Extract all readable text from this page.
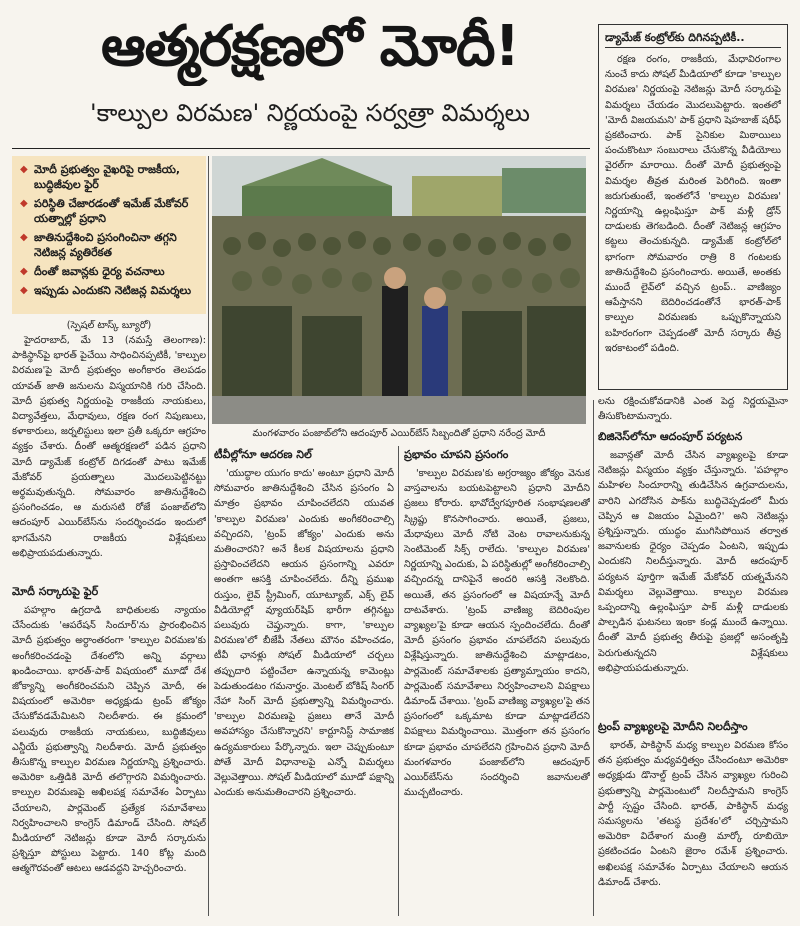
ఆత్మరక్షణలో మోదీ!
'కాల్పుల విరమణ' నిర్ణయంపై సర్వత్రా విమర్శలు
◆ మోదీ ప్రభుత్వం వైఖరిపై రాజకీయ, బుద్ధిజీవుల ఫైర్
◆ పరిస్థితి చేజారడంతో ఇమేజ్ మేకోవర్ యత్నాల్లో ప్రధాని
◆ జాతినుద్దేశించి ప్రసంగించినా తగ్గని నెటిజన్ల వ్యతిరేకత
◆ దీంతో జవాన్లకు ధైర్య వచనాలు
◆ ఇప్పుడు ఎందుకని నెటిజన్ల విమర్శలు
మంగళవారం పంజాబ్‌లోని ఆదంపూర్ ఎయిర్‌బేస్ సిబ్బందితో ప్రధాని నరేంద్ర మోదీ
(స్పెషల్ టాస్క్ బ్యూరో)

హైదరాబాద్, మే 13 (నమస్తే తెలంగాణ): పాకిస్థాన్‌పై భారత్ పైచేయి సాధించినప్పటికీ, 'కాల్పుల విరమణ'పై మోదీ ప్రభుత్వం అంగీకారం తెలపడం యావత్ జాతి జనులను విస్మయానికి గురి చేసింది. మోదీ ప్రభుత్వ నిర్ణయంపై రాజకీయ నాయకులు, విద్యావేత్తలు, మేధావులు, రక్షణ రంగ నిపుణులు, కళాకారులు, జర్నలిస్టులు ఇలా ప్రతీ ఒక్కరూ ఆగ్రహం వ్యక్తం చేశారు. దీంతో ఆత్మరక్షణలో పడిన ప్రధాని మోదీ డ్యామేజ్ కంట్రోల్ దిగడంతో పాటు ఇమేజ్ మేకోవర్ ప్రయత్నాలు మొదలుపెట్టినట్టు అర్థమవుతున్నది. సోమవారం జాతినుద్దేశించి ప్రసంగించడం, ఆ మరుసటి రోజే పంజాబ్‌లోని ఆదంపూర్ ఎయిర్‌బేస్‌ను సందర్శించడం ఇందులో భాగమేనని రాజకీయ విశ్లేషకులు అభిప్రాయపడుతున్నారు.

మోదీ సర్కారుపై ఫైర్

పహల్గాం ఉగ్రదాడి బాధితులకు న్యాయం చేసేందుకు 'ఆపరేషన్ సిందూర్'ను ప్రారంభించిన మోదీ ప్రభుత్వం అర్ధాంతరంగా 'కాల్పుల విరమణ'కు అంగీకరించడంపై దేశంలోని అన్ని వర్గాలు ఖండించాయి. భారత్-పాక్ విషయంలో మూడో దేశ జోక్యాన్ని అంగీకరించమని చెప్పిన మోదీ, ఈ విషయంలో అమెరికా అధ్యక్షుడు ట్రంప్ జోక్యం చేసుకోవడమేమిటని నిలదీశారు. ఈ క్రమంలో పలువురు రాజకీయ నాయకులు, బుద్ధిజీవులు ఎన్డీయే ప్రభుత్వాన్ని నిలదీశారు. మోదీ ప్రభుత్వం తీసుకొన్న కాల్పుల విరమణ నిర్ణయాన్ని ప్రశ్నించారు. అమెరికా ఒత్తిడికి మోదీ తలొగ్గారని విమర్శించారు. కాల్పుల విరమణపై అఖిలపక్ష సమావేశం ఏర్పాటు చేయాలని, పార్లమెంట్ ప్రత్యేక సమావేశాలు నిర్వహించాలని కాంగ్రెస్ డిమాండ్ చేసింది. సోషల్ మీడియాలో నెటిజన్లు కూడా మోదీ సర్కారును ప్రశ్నిస్తూ పోస్టులు పెట్టారు. 140 కోట్ల మంది ఆత్మగౌరవంతో ఆటలు ఆడవద్దని హెచ్చరించారు.

టీవీల్లోనూ ఆదరణ నిల్

'యుద్ధాల యుగం కాదు' అంటూ ప్రధాని మోదీ సోమవారం జాతినుద్దేశించి చేసిన ప్రసంగం ఏ మాత్రం ప్రభావం చూపించలేదని యువత 'కాల్పుల విరమణ' ఎందుకు అంగీకరించాల్సి వచ్చిందని, 'ట్రంప్ జోక్యం' ఎందుకు అను మతించారని? అనే కీలక విషయాలను ప్రధాని ప్రస్తావించలేదని ఆయన ప్రసంగాన్ని ఎవరూ అంతగా ఆసక్తి చూపించలేదు. దీన్ని ప్రముఖ రుస్తుం, లైవ్ స్ట్రీమింగ్, యూట్యూబ్, ఎక్స్ లైవ్ వీడియోల్లో వ్యూయర్‌షిప్ భారీగా తగ్గినట్టు పలువురు చెప్తున్నారు. కాగా, 'కాల్పుల విరమణ'లో బీజేపీ నేతలు మౌనం వహించడం, టీవీ ఛానళ్లు సోషల్ మీడియాలో చర్చలు తప్పుదారి పట్టించేలా ఉన్నాయన్న కామెంట్లు పెడుతుండటం గమనార్హం. మెంటల్ బోకిష్ సింగర్ నేహా సింగ్ మోదీ ప్రభుత్వాన్ని విమర్శించారు. 'కాల్పుల విరమణపై ప్రజలు తానే మోదీ అవహాస్యం చేసుకొన్నారని' కార్టూనిస్ట్ సామాజిక ఉద్యమకారులు పేర్కొన్నారు. ఇలా చెప్పుకుంటూ పోతే మోదీ విధానాలపై ఎన్నో విమర్శలు వెల్లువెత్తాయి. సోషల్ మీడియాలో మూడో పక్షాన్ని ఎందుకు అనుమతించారని ప్రశ్నించారు.

ప్రభావం చూపని ప్రసంగం

'కాల్పుల విరమణ'కు అగ్రరాజ్యం జోక్యం వెనుక వాస్తవాలను బయటపెట్టాలని ప్రధాని మోదీని ప్రజలు కోరారు. భావోద్వేగపూరిత సంభాషణలతో స్క్రిప్టు కొనసాగించారు. అయితే, ప్రజలు, మేధావులు మోదీ నోటి వెంట రావాలనుకున్న సెంటిమెంట్ సిక్స్ రాలేదు. 'కాల్పుల విరమణ' నిర్ణయాన్ని ఎందుకు, ఏ పరిస్థితుల్లో అంగీకరించాల్సి వచ్చిందన్న దానిపైనే అందరి ఆసక్తి నెలకొంది. అయితే, తన ప్రసంగంలో ఆ విషయాన్నే మోదీ దాటవేశారు. 'ట్రంప్ వాణిజ్య బెదిరింపుల వ్యాఖ్యల'పై కూడా ఆయన స్పందించలేదు. దీంతో మోదీ ప్రసంగం ప్రభావం చూపలేదని పలువురు విశ్లేషిస్తున్నారు. జాతినుద్దేశించి మాట్లాడటం, పార్లమెంట్ సమావేశాలకు ప్రత్యామ్నాయం కాదని, పార్లమెంట్ సమావేశాలు నిర్వహించాలని విపక్షాలు డిమాండ్ చేశాయి. 'ట్రంప్ వాణిజ్య వ్యాఖ్యల'పై తన ప్రసంగంలో ఒక్కమాట కూడా మాట్లాడలేదని విపక్షాలు విమర్శించాయి. మొత్తంగా తన ప్రసంగం కూడా ప్రభావం చూపలేదని గ్రహించిన ప్రధాని మోదీ మంగళవారం పంజాబ్‌లోని ఆదంపూర్ ఎయిర్‌బేస్‌ను సందర్శించి జవానులతో ముచ్చటించారు.

డ్యామేజ్ కంట్రోల్‌కు దిగినప్పటికీ..

రక్షణ రంగం, రాజకీయ, మేధావిరంగాల నుంచే కాదు సోషల్ మీడియాలో కూడా 'కాల్పుల విరమణ' నిర్ణయంపై నెటిజన్లు మోదీ సర్కారుపై విమర్శలు చేయడం మొదలుపెట్టారు. ఇంతలో 'మోదీ విజయమని' పాక్ ప్రధాని షెహబాజ్ షరీఫ్ ప్రకటించారు. పాక్ సైనికుల మిఠాయిలు పంచుకొంటూ సంబురాలు చేసుకొన్న వీడియోలు వైరల్‌గా మారాయి. దీంతో మోదీ ప్రభుత్వంపై విమర్శల తీవ్రత మరింత పెరిగింది. ఇంతా జరుగుతుంటే, ఇంతలోనే 'కాల్పుల విరమణ' నిర్ణయాన్ని ఉల్లంఘిస్తూ పాక్ మళ్లీ డ్రోన్ దాడులకు తెగబడింది. దీంతో నెటిజన్ల ఆగ్రహం కట్టలు తెంచుకున్నది. డ్యామేజ్ కంట్రోల్‌లో భాగంగా సోమవారం రాత్రి 8 గంటలకు జాతినుద్దేశించి ప్రసంగించారు. అయితే, అంతకు ముందే లైవ్‌లో వచ్చిన ట్రంప్.. వాణిజ్యం ఆపేస్తానని బెదిరించడంతోనే భారత్-పాక్ కాల్పుల విరమణకు ఒప్పుకొన్నాయని బహిరంగంగా చెప్పడంతో మోదీ సర్కారు తీవ్ర ఇరకాటంలో పడింది.

లను రక్షించుకోవడానికి ఎంత పెద్ద నిర్ణయమైనా తీసుకొంటామన్నారు.

బిజినెస్‌లోనూ ఆదంపూర్ పర్యటన

జవాన్లతో మోదీ చేసిన వ్యాఖ్యలపై కూడా నెటిజన్లు విస్మయం వ్యక్తం చేస్తున్నారు. 'పహల్గాం మహిళల సిందూరాన్ని తుడిచేసిన ఉగ్రవాదులను, వారిని ఎగదోసిన పాక్‌ను బుద్ధిచెప్పడంలో మీరు చెప్పిన ఆ విజయం ఏమైంది?' అని నెటిజన్లు ప్రశ్నిస్తున్నారు. యుద్ధం ముగిసిపోయిన తర్వాత జవానులకు ధైర్యం చెప్పడం ఏంటని, ఇప్పుడు ఎందుకని నిలదీస్తున్నారు. మోదీ ఆదంపూర్ పర్యటన పూర్తిగా ఇమేజ్ మేకోవర్ యత్నమేనని విమర్శలు వెల్లువెత్తాయి. కాల్పుల విరమణ ఒప్పందాన్ని ఉల్లంఘిస్తూ పాక్ మళ్లీ దాడులకు పాల్పడిన ఘటనలు ఇంకా కండ్ల ముందే ఉన్నాయి. దీంతో మోదీ ప్రభుత్వ తీరుపై ప్రజల్లో అసంతృప్తి పెరుగుతున్నదని విశ్లేషకులు అభిప్రాయపడుతున్నారు.

ట్రంప్ వ్యాఖ్యలపై మోదీని నిలదీస్తాం

భారత్, పాకిస్థాన్ మధ్య కాల్పుల విరమణ కోసం తన ప్రభుత్వం మధ్యవర్తిత్వం చేసిందంటూ అమెరికా అధ్యక్షుడు డొనాల్డ్ ట్రంప్ చేసిన వ్యాఖ్యల గురించి ప్రభుత్వాన్ని పార్లమెంటులో నిలదీస్తామని కాంగ్రెస్ పార్టీ స్పష్టం చేసింది. భారత్, పాకిస్థాన్ మధ్య సమస్యలను 'తటస్థ ప్రదేశం'లో చర్చిస్తామని అమెరికా విదేశాంగ మంత్రి మార్కో రూబియో ప్రకటించడం ఏంటని జైరాం రమేశ్ ప్రశ్నించారు. అఖిలపక్ష సమావేశం ఏర్పాటు చేయాలని ఆయన డిమాండ్ చేశారు.
